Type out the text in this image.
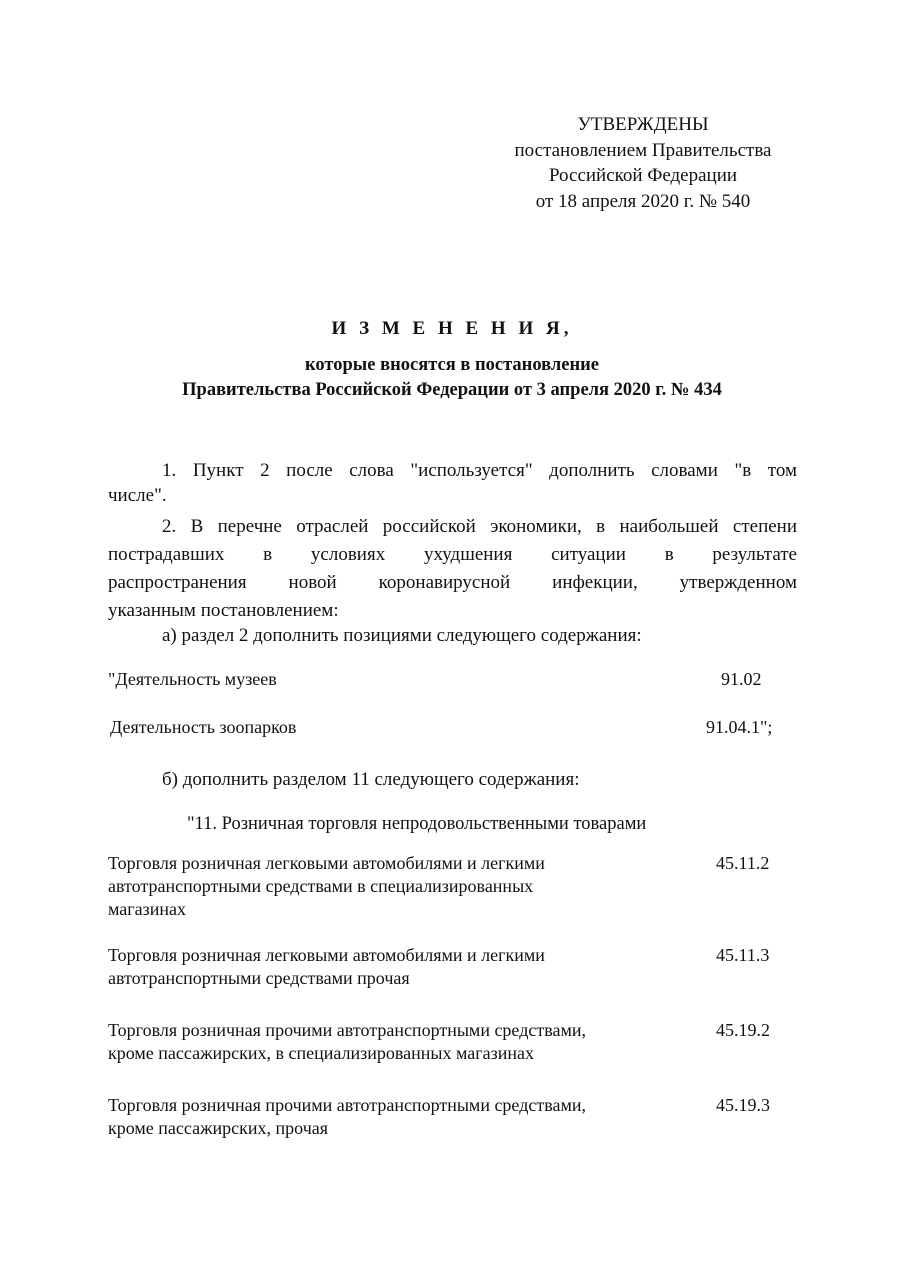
УТВЕРЖДЕНЫ
постановлением Правительства
Российской Федерации
от 18 апреля 2020 г. № 540
И З М Е Н Е Н И Я,
которые вносятся в постановление
Правительства Российской Федерации от 3 апреля 2020 г. № 434
1. Пункт 2 после слова "используется" дополнить словами "в том
числе".
2. В перечне отраслей российской экономики, в наибольшей степени
пострадавших в условиях ухудшения ситуации в результате
распространения новой коронавирусной инфекции, утвержденном
указанным постановлением:
а) раздел 2 дополнить позициями следующего содержания:
"Деятельность музеев	91.02
Деятельность зоопарков	91.04.1";
б) дополнить разделом 11 следующего содержания:
"11. Розничная торговля непродовольственными товарами
Торговля розничная легковыми автомобилями и легкими
автотранспортными средствами в специализированных
магазинах
45.11.2
Торговля розничная легковыми автомобилями и легкими
автотранспортными средствами прочая
45.11.3
Торговля розничная прочими автотранспортными средствами,
кроме пассажирских, в специализированных магазинах
45.19.2
Торговля розничная прочими автотранспортными средствами,
кроме пассажирских, прочая
45.19.3
